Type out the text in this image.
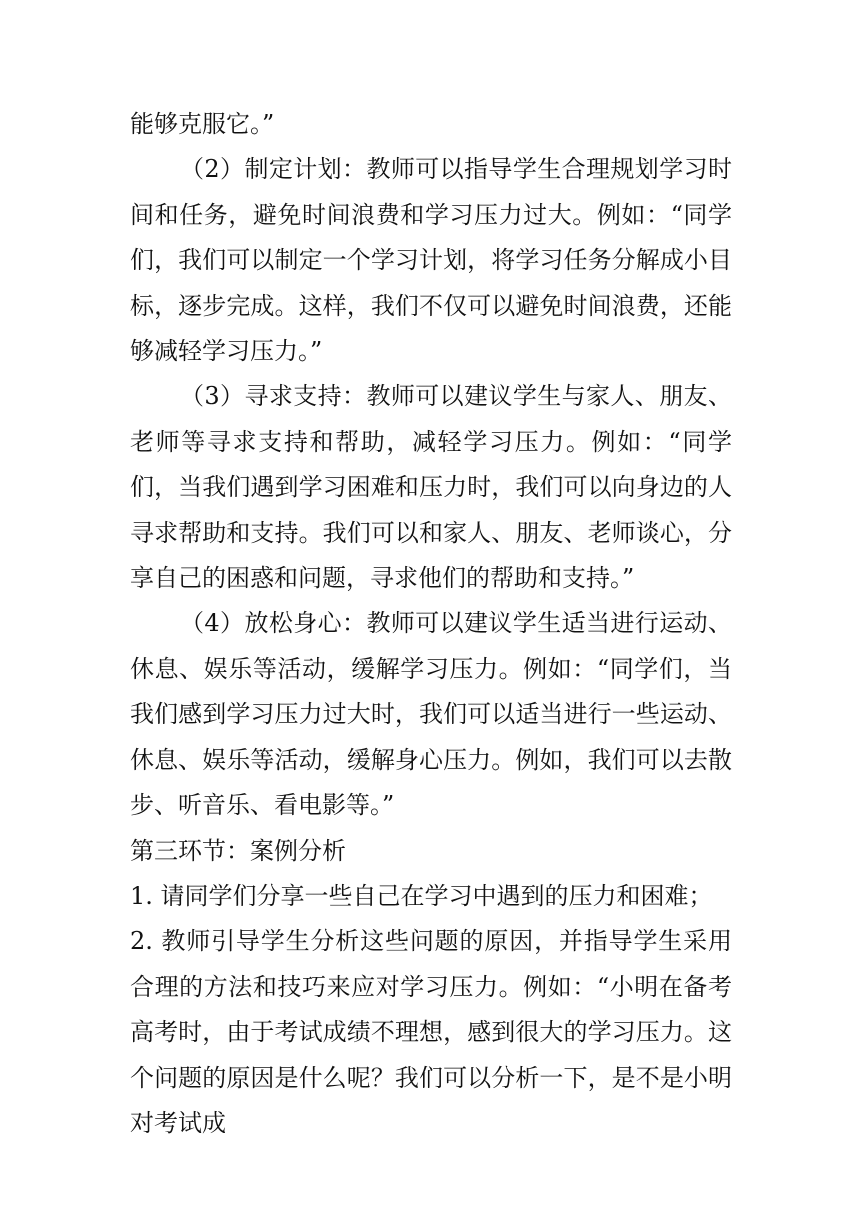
能够克服它。”

（2）制定计划：教师可以指导学生合理规划学习时间和任务，避免时间浪费和学习压力过大。例如：“同学们，我们可以制定一个学习计划，将学习任务分解成小目标，逐步完成。这样，我们不仅可以避免时间浪费，还能够减轻学习压力。”

（3）寻求支持：教师可以建议学生与家人、朋友、老师等寻求支持和帮助，减轻学习压力。例如：“同学们，当我们遇到学习困难和压力时，我们可以向身边的人寻求帮助和支持。我们可以和家人、朋友、老师谈心，分享自己的困惑和问题，寻求他们的帮助和支持。”

（4）放松身心：教师可以建议学生适当进行运动、休息、娱乐等活动，缓解学习压力。例如：“同学们，当我们感到学习压力过大时，我们可以适当进行一些运动、休息、娱乐等活动，缓解身心压力。例如，我们可以去散步、听音乐、看电影等。”

第三环节：案例分析

1. 请同学们分享一些自己在学习中遇到的压力和困难；

2. 教师引导学生分析这些问题的原因，并指导学生采用合理的方法和技巧来应对学习压力。例如：“小明在备考高考时，由于考试成绩不理想，感到很大的学习压力。这个问题的原因是什么呢？我们可以分析一下，是不是小明对考试成
